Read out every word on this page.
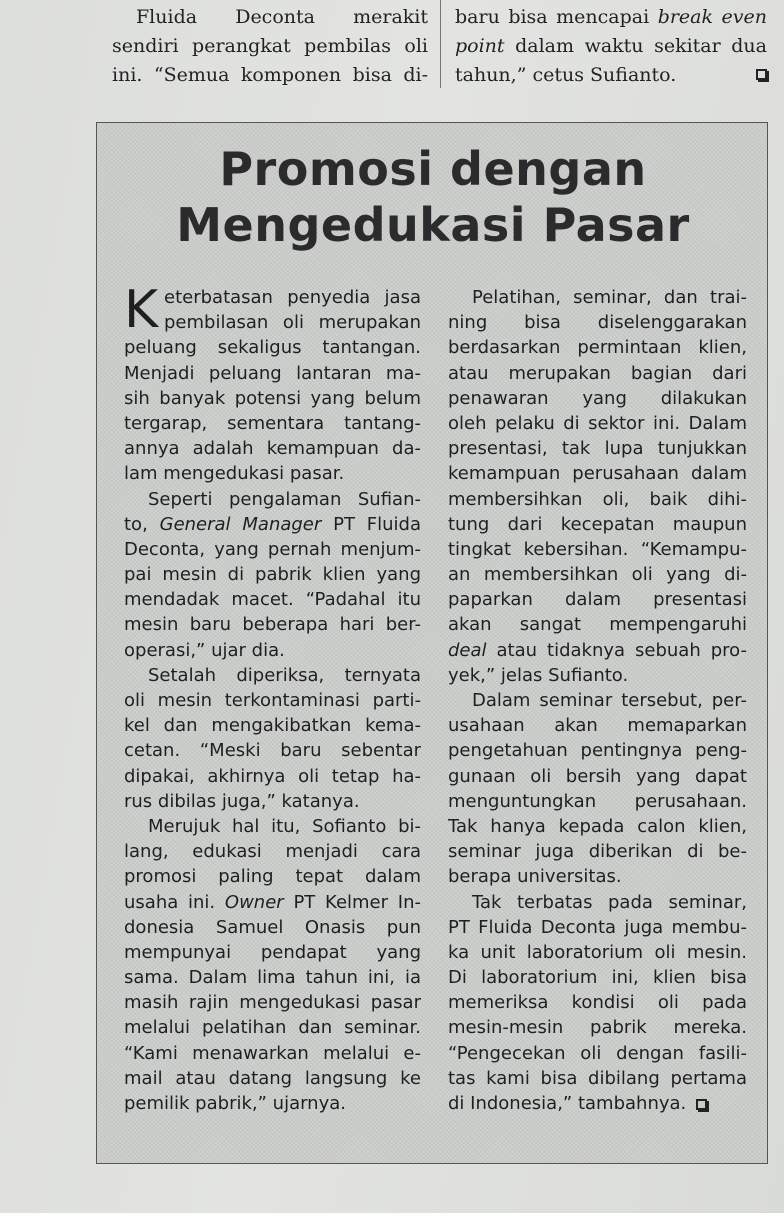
Fluida Deconta merakit
sendiri perangkat pembilas oli
ini. “Semua komponen bisa di-
baru bisa mencapai break even
point dalam waktu sekitar dua
tahun,” cetus Sufianto.
Promosi dengan
Mengedukasi Pasar
K eterbatasan penyedia jasa
pembilasan oli merupakan
peluang sekaligus tantangan.
Menjadi peluang lantaran ma-
sih banyak potensi yang belum
tergarap, sementara tantang-
annya adalah kemampuan da-
lam mengedukasi pasar.
Seperti pengalaman Sufian-
to, General Manager PT Fluida
Deconta, yang pernah menjum-
pai mesin di pabrik klien yang
mendadak macet. “Padahal itu
mesin baru beberapa hari ber-
operasi,” ujar dia.
Setalah diperiksa, ternyata
oli mesin terkontaminasi parti-
kel dan mengakibatkan kema-
cetan. “Meski baru sebentar
dipakai, akhirnya oli tetap ha-
rus dibilas juga,” katanya.
Merujuk hal itu, Sofianto bi-
lang, edukasi menjadi cara
promosi paling tepat dalam
usaha ini. Owner PT Kelmer In-
donesia Samuel Onasis pun
mempunyai pendapat yang
sama. Dalam lima tahun ini, ia
masih rajin mengedukasi pasar
melalui pelatihan dan seminar.
“Kami menawarkan melalui e-
mail atau datang langsung ke
pemilik pabrik,” ujarnya.
Pelatihan, seminar, dan trai-
ning bisa diselenggarakan
berdasarkan permintaan klien,
atau merupakan bagian dari
penawaran yang dilakukan
oleh pelaku di sektor ini. Dalam
presentasi, tak lupa tunjukkan
kemampuan perusahaan dalam
membersihkan oli, baik dihi-
tung dari kecepatan maupun
tingkat kebersihan. “Kemampu-
an membersihkan oli yang di-
paparkan dalam presentasi
akan sangat mempengaruhi
deal atau tidaknya sebuah pro-
yek,” jelas Sufianto.
Dalam seminar tersebut, per-
usahaan akan memaparkan
pengetahuan pentingnya peng-
gunaan oli bersih yang dapat
menguntungkan perusahaan.
Tak hanya kepada calon klien,
seminar juga diberikan di be-
berapa universitas.
Tak terbatas pada seminar,
PT Fluida Deconta juga membu-
ka unit laboratorium oli mesin.
Di laboratorium ini, klien bisa
memeriksa kondisi oli pada
mesin-mesin pabrik mereka.
“Pengecekan oli dengan fasili-
tas kami bisa dibilang pertama
di Indonesia,” tambahnya.
